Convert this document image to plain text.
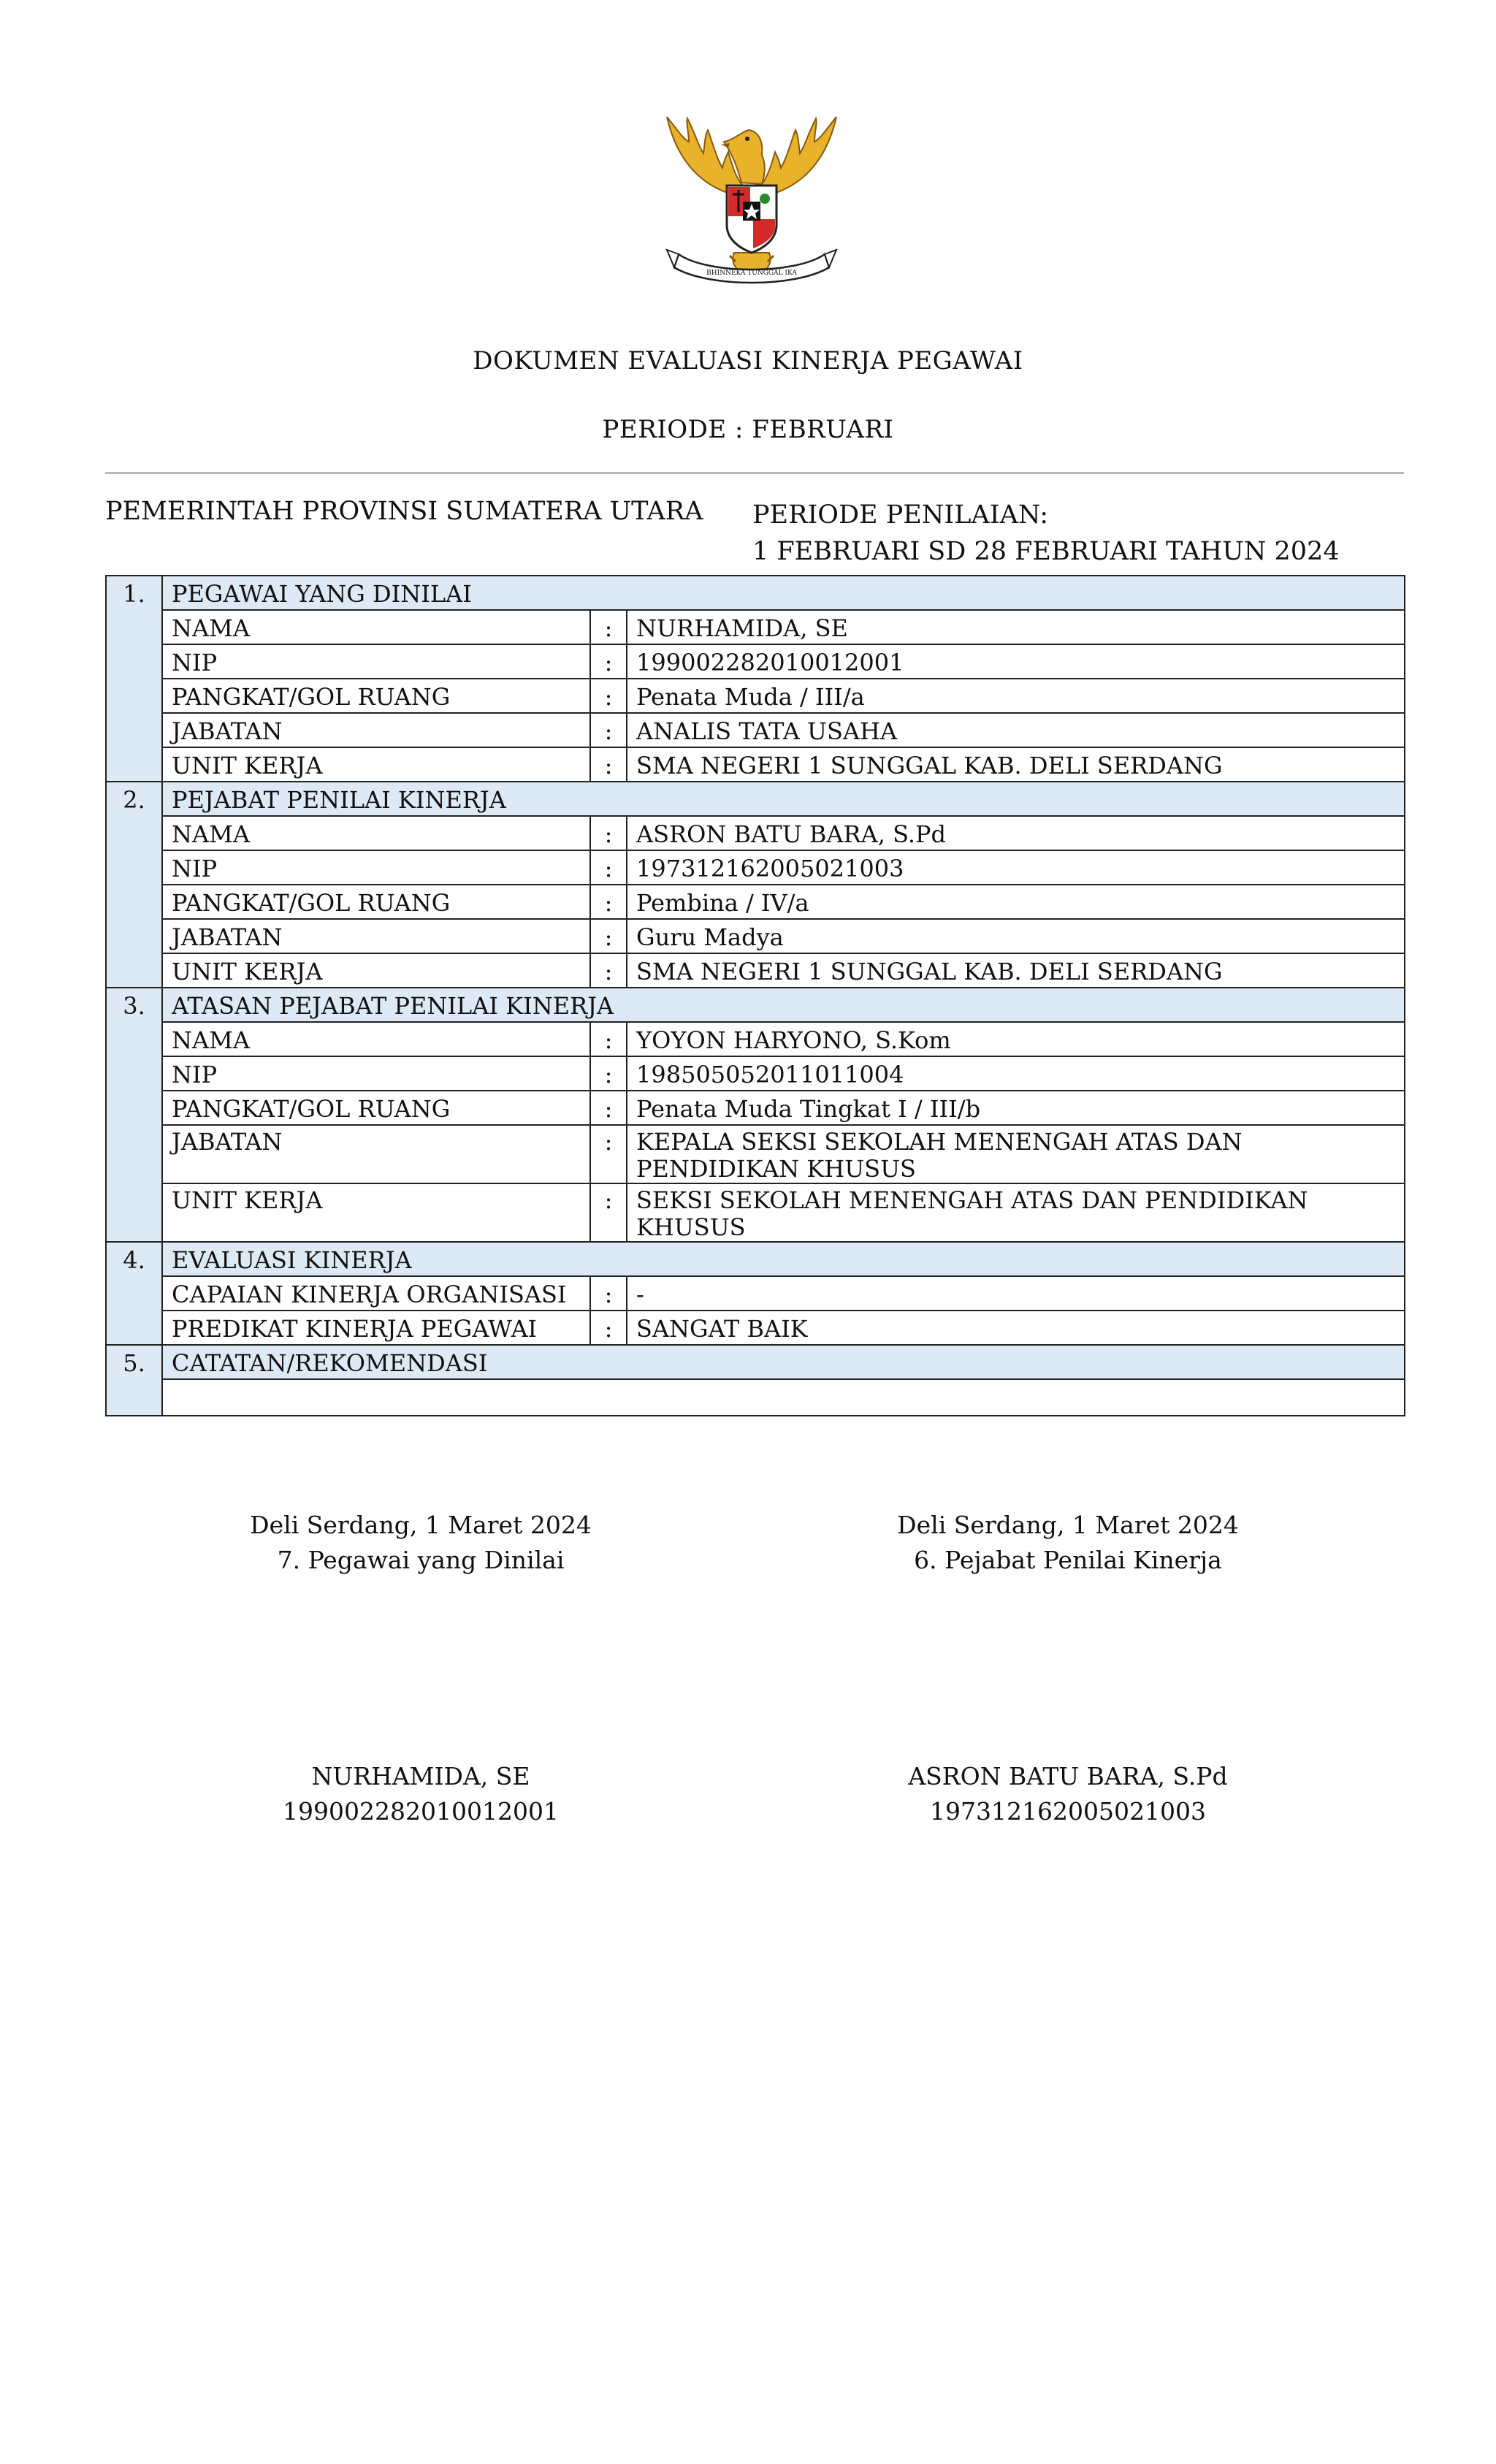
BHINNEKA TUNGGAL IKA
DOKUMEN EVALUASI KINERJA PEGAWAI
PERIODE : FEBRUARI
PEMERINTAH PROVINSI SUMATERA UTARA PERIODE PENILAIAN:
1 FEBRUARI SD 28 FEBRUARI TAHUN 2024
1.	PEGAWAI YANG DINILAI		
	NAMA	:	NURHAMIDA, SE
	NIP	:	199002282010012001
	PANGKAT/GOL RUANG	:	Penata Muda / III/a
	JABATAN	:	ANALIS TATA USAHA
	UNIT KERJA	:	SMA NEGERI 1 SUNGGAL KAB. DELI SERDANG
2.	PEJABAT PENILAI KINERJA		
	NAMA	:	ASRON BATU BARA, S.Pd
	NIP	:	197312162005021003
	PANGKAT/GOL RUANG	:	Pembina / IV/a
	JABATAN	:	Guru Madya
	UNIT KERJA	:	SMA NEGERI 1 SUNGGAL KAB. DELI SERDANG
3.	ATASAN PEJABAT PENILAI KINERJA		
	NAMA	:	YOYON HARYONO, S.Kom
	NIP	:	198505052011011004
	PANGKAT/GOL RUANG	:	Penata Muda Tingkat I / III/b
	JABATAN	:	KEPALA SEKSI SEKOLAH MENENGAH ATAS DAN PENDIDIKAN KHUSUS
	UNIT KERJA	:	SEKSI SEKOLAH MENENGAH ATAS DAN PENDIDIKAN KHUSUS
4.	EVALUASI KINERJA		
	CAPAIAN KINERJA ORGANISASI	:	-
	PREDIKAT KINERJA PEGAWAI	:	SANGAT BAIK
5.	CATATAN/REKOMENDASI		

Deli Serdang, 1 Maret 2024
7. Pegawai yang Dinilai
Deli Serdang, 1 Maret 2024
6. Pejabat Penilai Kinerja
NURHAMIDA, SE
199002282010012001
ASRON BATU BARA, S.Pd
197312162005021003
